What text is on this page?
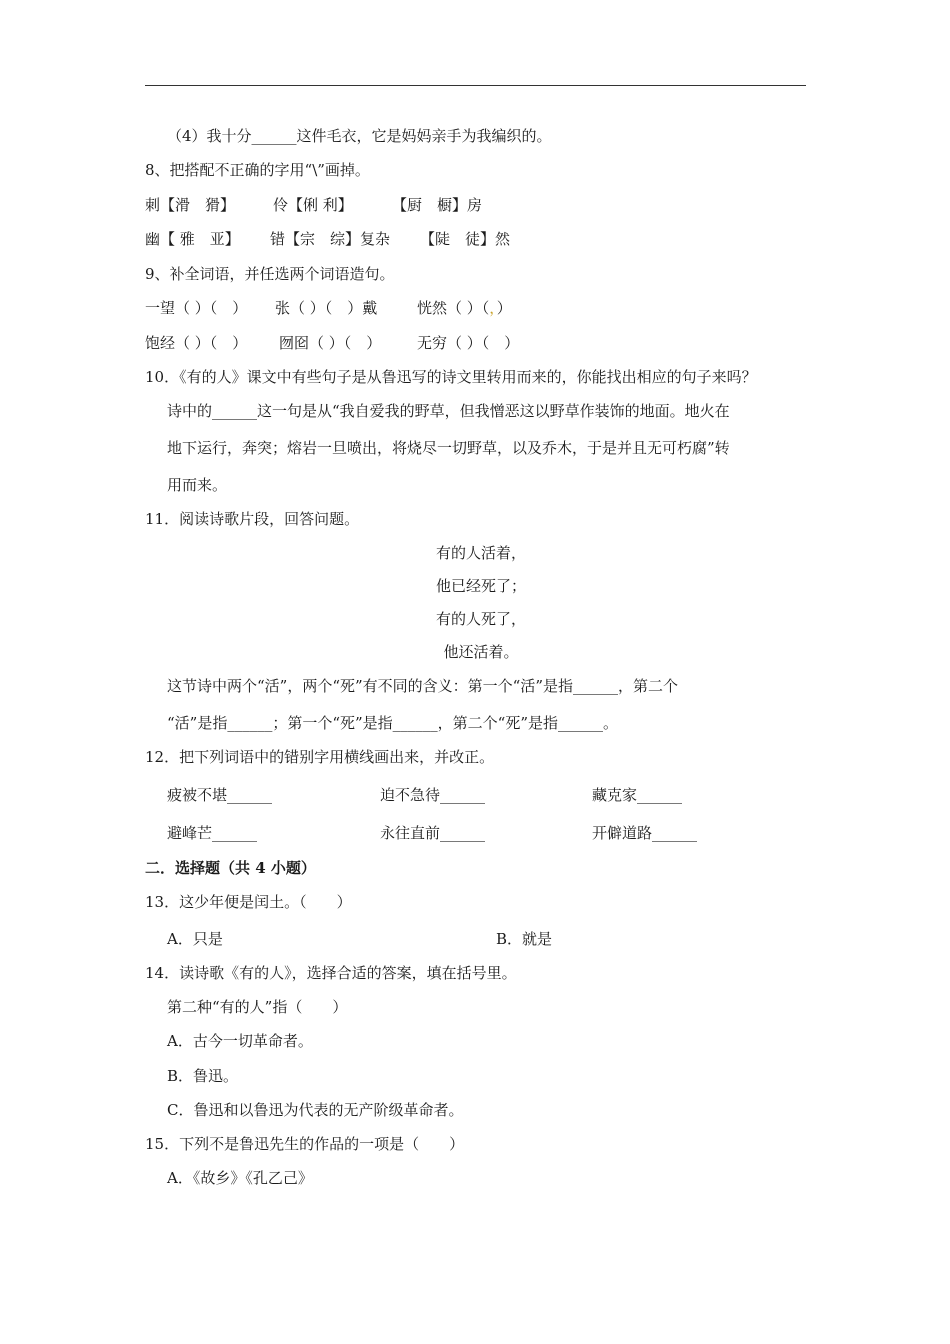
（4）我十分______这件毛衣，它是妈妈亲手为我编织的。
8、把搭配不正确的字用“\”画掉。
刺【滑　猾】	伶【俐 利】	【厨　橱】房
幽【 雅　亚】 错【宗　综】复杂 【陡　徒】然
9、补全词语，并任选两个词语造句。
一望（ ）（　） 张（ ）（　）戴	恍然（ ）（，）
饱经（ ）（　） 囫囵（ ）（　） 无穷（ ）（　）
10．《有的人》课文中有些句子是从鲁迅写的诗文里转用而来的，你能找出相应的句子来吗？
诗中的______这一句是从“我自爱我的野草，但我憎恶这以野草作装饰的地面。地火在
地下运行，奔突；熔岩一旦喷出，将烧尽一切野草，以及乔木，于是并且无可朽腐”转
用而来。
11．阅读诗歌片段，回答问题。
有的人活着，
他已经死了；
有的人死了，
他还活着。
这节诗中两个“活”，两个“死”有不同的含义：第一个“活”是指______，第二个
“活”是指______；第一个“死”是指______，第二个“死”是指______。
12．把下列词语中的错别字用横线画出来，并改正。
疲被不堪______	迫不急待______	藏克家______
避峰芒______	永往直前______	开僻道路______
二．选择题（共 4 小题）
13．这少年便是闰土。（　　）
A．只是	B．就是
14．读诗歌《有的人》，选择合适的答案，填在括号里。
第二种“有的人”指（　　）
A．古今一切革命者。
B．鲁迅。
C．鲁迅和以鲁迅为代表的无产阶级革命者。
15．下列不是鲁迅先生的作品的一项是（　　）
A．《故乡》《孔乙己》
